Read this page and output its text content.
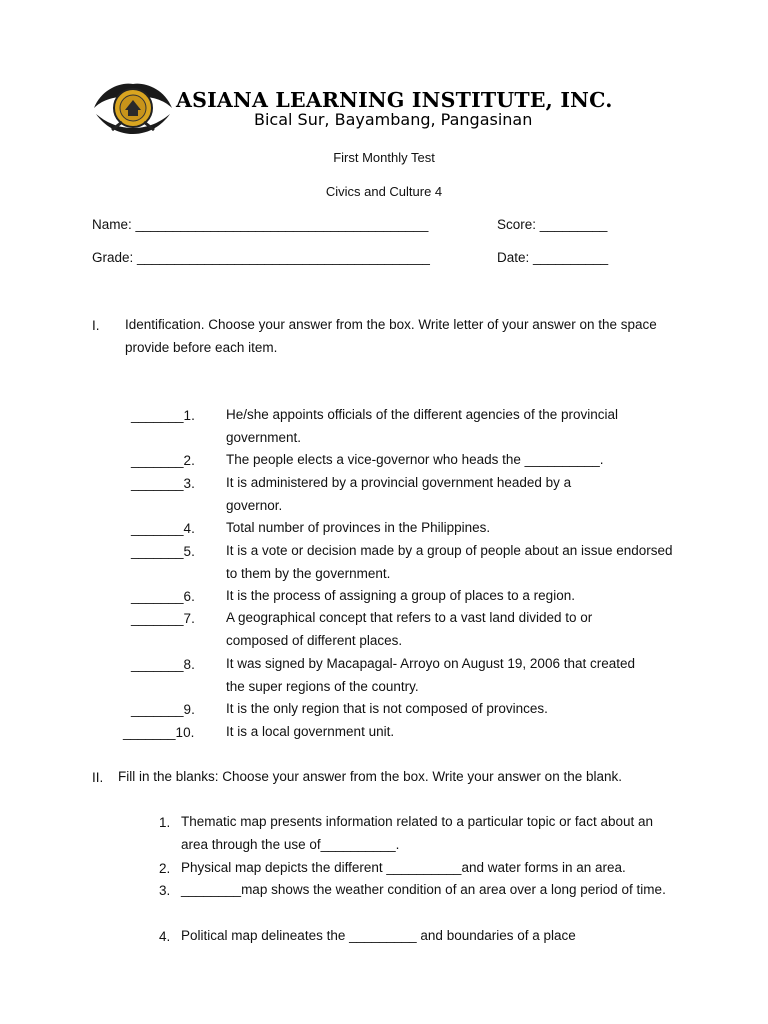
ASIANA LEARNING INSTITUTE, INC.
Bical Sur, Bayambang, Pangasinan
First Monthly Test
Civics and Culture 4
Name: _______________________________________	Score: _________
Grade: _______________________________________	Date: __________
I. Identification. Choose your answer from the box. Write letter of your answer on the space provide before each item.
_______1. He/she appoints officials of the different agencies of the provincial government.
_______2. The people elects a vice-governor who heads the __________.
_______3. It is administered by a provincial government headed by a governor.
_______4. Total number of provinces in the Philippines.
_______5. It is a vote or decision made by a group of people about an issue endorsed to them by the government.
_______6. It is the process of assigning a group of places to a region.
_______7. A geographical concept that refers to a vast land divided to or composed of different places.
_______8. It was signed by Macapagal- Arroyo on August 19, 2006 that created the super regions of the country.
_______9. It is the only region that is not composed of provinces.
_______10. It is a local government unit.
II. Fill in the blanks: Choose your answer from the box. Write your answer on the blank.
1. Thematic map presents information related to a particular topic or fact about an area through the use of__________.
2. Physical map depicts the different __________and water forms in an area.
3. ________map shows the weather condition of an area over a long period of time.
4. Political map delineates the _________ and boundaries of a place
